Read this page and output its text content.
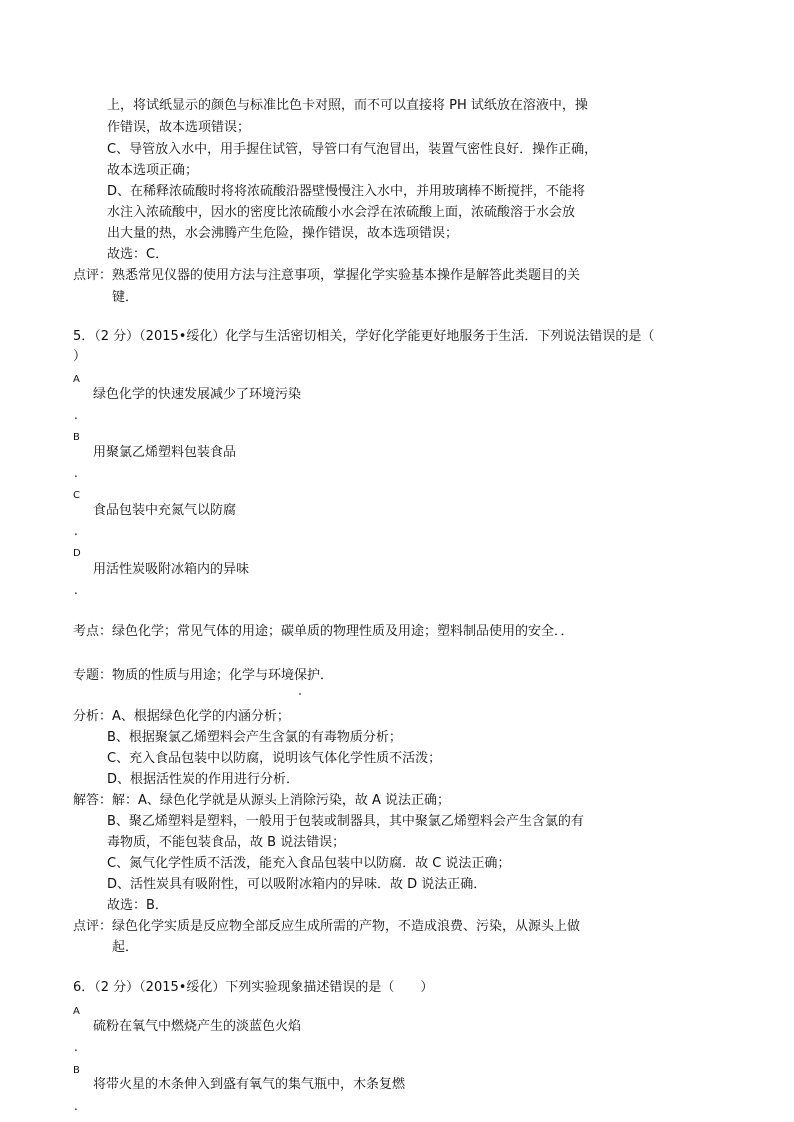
上，将试纸显示的颜色与标准比色卡对照，而不可以直接将 PH 试纸放在溶液中，操
作错误，故本选项错误；
C、导管放入水中，用手握住试管，导管口有气泡冒出，装置气密性良好．操作正确，
故本选项正确；
D、在稀释浓硫酸时将将浓硫酸沿器壁慢慢注入水中，并用玻璃棒不断搅拌，不能将
水注入浓硫酸中，因水的密度比浓硫酸小水会浮在浓硫酸上面，浓硫酸溶于水会放
出大量的热，水会沸腾产生危险，操作错误，故本选项错误；
故选：C．
点评： 熟悉常见仪器的使用方法与注意事项，掌握化学实验基本操作是解答此类题目的关
键．
5．（2 分）（2015•绥化）化学与生活密切相关，学好化学能更好地服务于生活．下列说法错误的是（
）
A
绿色化学的快速发展减少了环境污染
.
B
用聚氯乙烯塑料包装食品
.
C
食品包装中充氮气以防腐
.
D
用活性炭吸附冰箱内的异味
.
考点：绿色化学；常见气体的用途；碳单质的物理性质及用途；塑料制品使用的安全．．
专题：物质的性质与用途；化学与环境保护．
分析： A、根据绿色化学的内涵分析；
B、根据聚氯乙烯塑料会产生含氯的有毒物质分析；
C、充入食品包装中以防腐，说明该气体化学性质不活泼；
D、根据活性炭的作用进行分析．
解答： 解：A、绿色化学就是从源头上消除污染，故 A 说法正确；
B、聚乙烯塑料是塑料，一般用于包装或制器具，其中聚氯乙烯塑料会产生含氯的有
毒物质，不能包装食品，故 B 说法错误；
C、氮气化学性质不活泼，能充入食品包装中以防腐．故 C 说法正确；
D、活性炭具有吸附性，可以吸附冰箱内的异味．故 D 说法正确．
故选：B．
点评： 绿色化学实质是反应物全部反应生成所需的产物，不造成浪费、污染，从源头上做
起．
6．（2 分）（2015•绥化）下列实验现象描述错误的是（　　）
A
硫粉在氧气中燃烧产生的淡蓝色火焰
.
B
将带火星的木条伸入到盛有氧气的集气瓶中，木条复燃
.
